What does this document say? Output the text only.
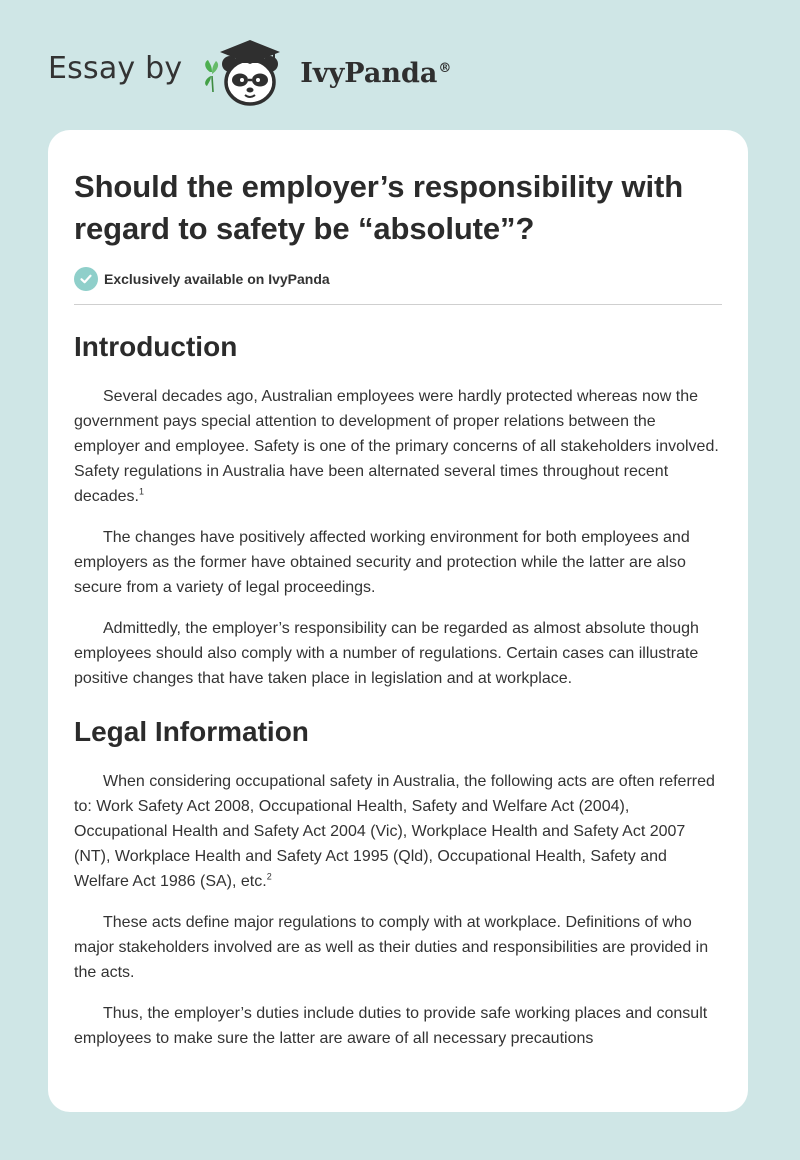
Essay by	IvyPanda®
Should the employer’s responsibility with regard to safety be “absolute”?
Exclusively available on IvyPanda
Introduction

Several decades ago, Australian employees were hardly protected whereas now the government pays special attention to development of proper relations between the employer and employee. Safety is one of the primary concerns of all stakeholders involved. Safety regulations in Australia have been alternated several times throughout recent decades.$^1$

The changes have positively affected working environment for both employees and employers as the former have obtained security and protection while the latter are also secure from a variety of legal proceedings.

Admittedly, the employer’s responsibility can be regarded as almost absolute though employees should also comply with a number of regulations. Certain cases can illustrate positive changes that have taken place in legislation and at workplace.

Legal Information

When considering occupational safety in Australia, the following acts are often referred to: Work Safety Act 2008, Occupational Health, Safety and Welfare Act (2004), Occupational Health and Safety Act 2004 (Vic), Workplace Health and Safety Act 2007 (NT), Workplace Health and Safety Act 1995 (Qld), Occupational Health, Safety and Welfare Act 1986 (SA), etc.$^2$

These acts define major regulations to comply with at workplace. Definitions of who major stakeholders involved are as well as their duties and responsibilities are provided in the acts.

Thus, the employer’s duties include duties to provide safe working places and consult employees to make sure the latter are aware of all necessary precautions
